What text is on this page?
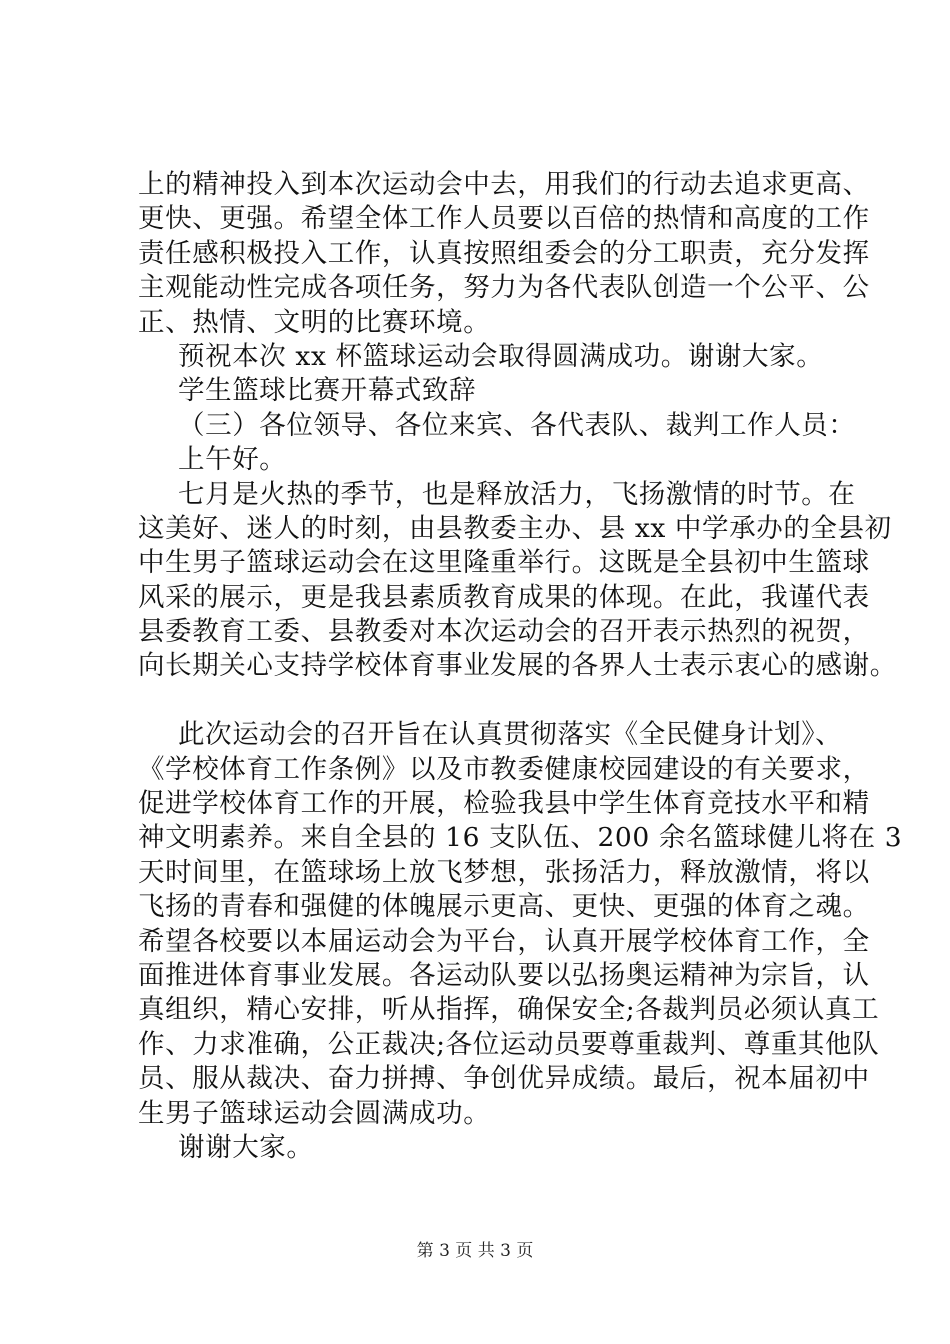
上的精神投入到本次运动会中去，用我们的行动去追求更高、
更快、更强。希望全体工作人员要以百倍的热情和高度的工作
责任感积极投入工作，认真按照组委会的分工职责，充分发挥
主观能动性完成各项任务，努力为各代表队创造一个公平、公
正、热情、文明的比赛环境。
预祝本次 xx 杯篮球运动会取得圆满成功。谢谢大家。
学生篮球比赛开幕式致辞
（三）各位领导、各位来宾、各代表队、裁判工作人员：
上午好。
七月是火热的季节，也是释放活力，飞扬激情的时节。在
这美好、迷人的时刻，由县教委主办、县 xx 中学承办的全县初
中生男子篮球运动会在这里隆重举行。这既是全县初中生篮球
风采的展示，更是我县素质教育成果的体现。在此，我谨代表
县委教育工委、县教委对本次运动会的召开表示热烈的祝贺，
向长期关心支持学校体育事业发展的各界人士表示衷心的感谢。
此次运动会的召开旨在认真贯彻落实《全民健身计划》、
《学校体育工作条例》以及市教委健康校园建设的有关要求，
促进学校体育工作的开展，检验我县中学生体育竞技水平和精
神文明素养。来自全县的 16 支队伍、200 余名篮球健儿将在 3
天时间里，在篮球场上放飞梦想，张扬活力，释放激情，将以
飞扬的青春和强健的体魄展示更高、更快、更强的体育之魂。
希望各校要以本届运动会为平台，认真开展学校体育工作，全
面推进体育事业发展。各运动队要以弘扬奥运精神为宗旨，认
真组织，精心安排，听从指挥，确保安全;各裁判员必须认真工
作、力求准确，公正裁决;各位运动员要尊重裁判、尊重其他队
员、服从裁决、奋力拼搏、争创优异成绩。最后，祝本届初中
生男子篮球运动会圆满成功。
谢谢大家。
第 3 页 共 3 页
